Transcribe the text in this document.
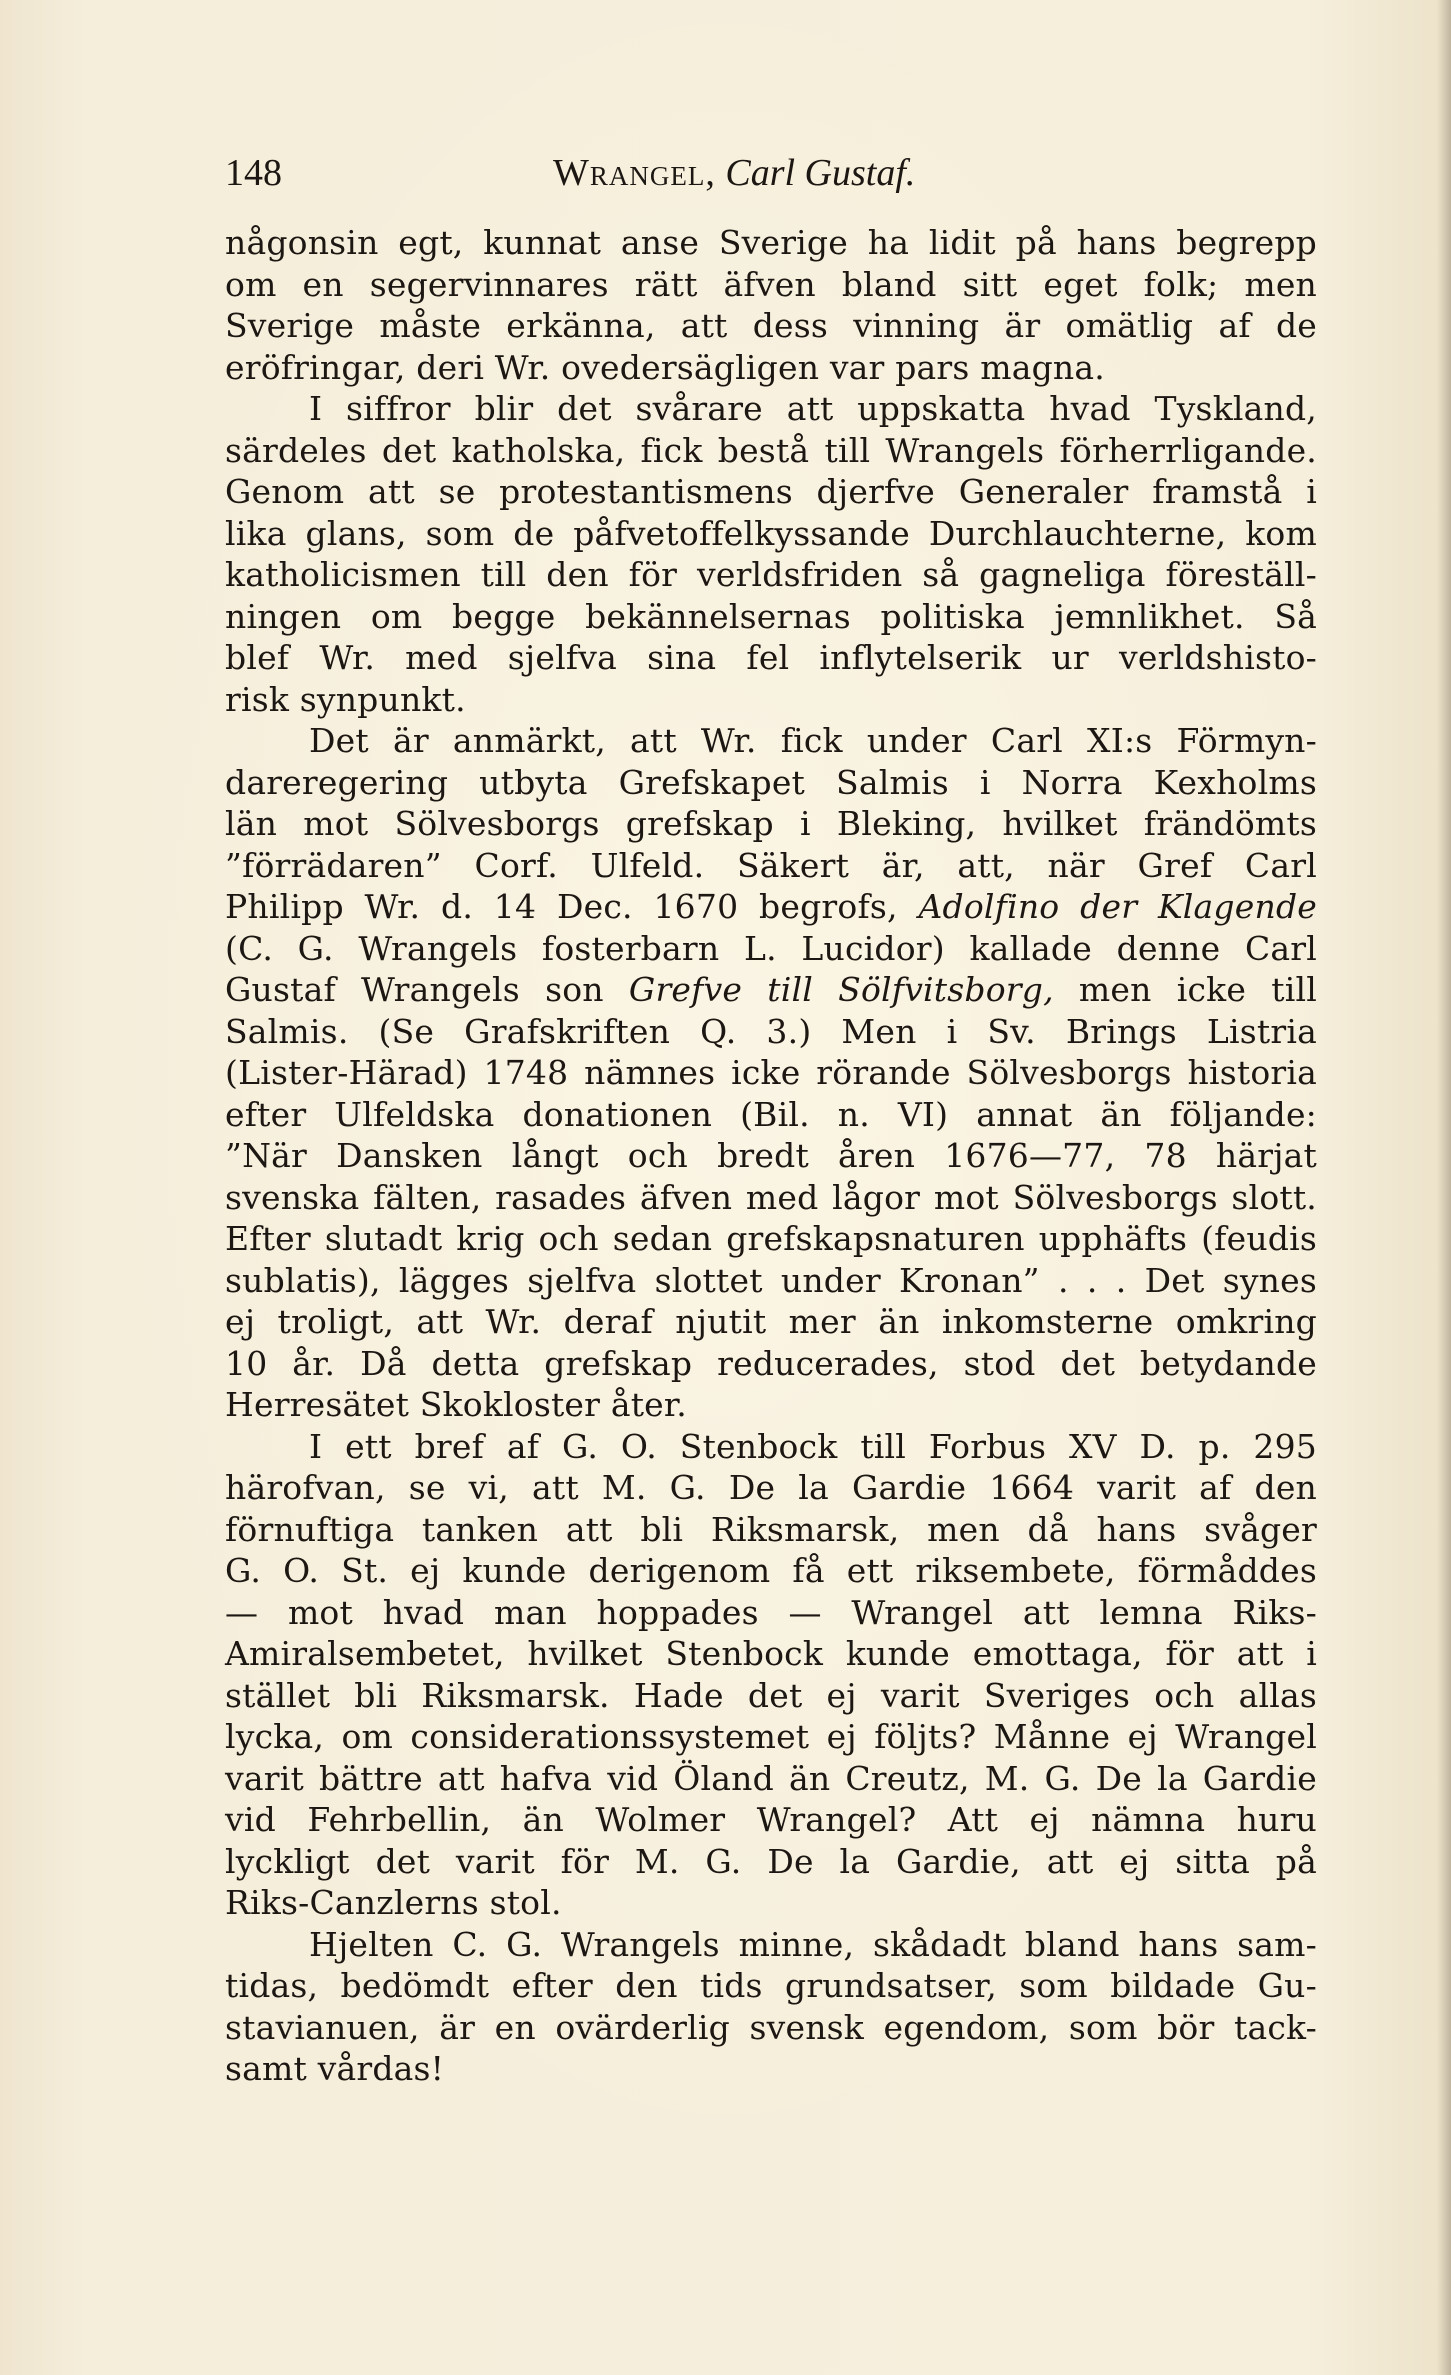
148	Wrangel, Carl Gustaf.
någonsin egt, kunnat anse Sverige ha lidit på hans begrepp
om en segervinnares rätt äfven bland sitt eget folk; men
Sverige måste erkänna, att dess vinning är omätlig af de
eröfringar, deri Wr. ovedersägligen var pars magna.
I siffror blir det svårare att uppskatta hvad Tyskland,
särdeles det katholska, fick bestå till Wrangels förherrligande.
Genom att se protestantismens djerfve Generaler framstå i
lika glans, som de påfvetoffelkyssande Durchlauchterne, kom
katholicismen till den för verldsfriden så gagneliga föreställ-
ningen om begge bekännelsernas politiska jemnlikhet. Så
blef Wr. med sjelfva sina fel inflytelserik ur verldshisto-
risk synpunkt.
Det är anmärkt, att Wr. fick under Carl XI:s Förmyn-
dareregering utbyta Grefskapet Salmis i Norra Kexholms
län mot Sölvesborgs grefskap i Bleking, hvilket frändömts
”förrädaren” Corf. Ulfeld. Säkert är, att, när Gref Carl
Philipp Wr. d. 14 Dec. 1670 begrofs, Adolfino der Klagende
(C. G. Wrangels fosterbarn L. Lucidor) kallade denne Carl
Gustaf Wrangels son Grefve till Sölfvitsborg, men icke till
Salmis. (Se Grafskriften Q. 3.) Men i Sv. Brings Listria
(Lister-Härad) 1748 nämnes icke rörande Sölvesborgs historia
efter Ulfeldska donationen (Bil. n. VI) annat än följande:
”När Dansken långt och bredt åren 1676—77, 78 härjat
svenska fälten, rasades äfven med lågor mot Sölvesborgs slott.
Efter slutadt krig och sedan grefskapsnaturen upphäfts (feudis
sublatis), lägges sjelfva slottet under Kronan” . . . Det synes
ej troligt, att Wr. deraf njutit mer än inkomsterne omkring
10 år. Då detta grefskap reducerades, stod det betydande
Herresätet Skokloster åter.
I ett bref af G. O. Stenbock till Forbus XV D. p. 295
härofvan, se vi, att M. G. De la Gardie 1664 varit af den
förnuftiga tanken att bli Riksmarsk, men då hans svåger
G. O. St. ej kunde derigenom få ett riksembete, förmåddes
— mot hvad man hoppades — Wrangel att lemna Riks-
Amiralsembetet, hvilket Stenbock kunde emottaga, för att i
stället bli Riksmarsk. Hade det ej varit Sveriges och allas
lycka, om considerationssystemet ej följts? Månne ej Wrangel
varit bättre att hafva vid Öland än Creutz, M. G. De la Gardie
vid Fehrbellin, än Wolmer Wrangel? Att ej nämna huru
lyckligt det varit för M. G. De la Gardie, att ej sitta på
Riks-Canzlerns stol.
Hjelten C. G. Wrangels minne, skådadt bland hans sam-
tidas, bedömdt efter den tids grundsatser, som bildade Gu-
stavianuen, är en ovärderlig svensk egendom, som bör tack-
samt vårdas!
